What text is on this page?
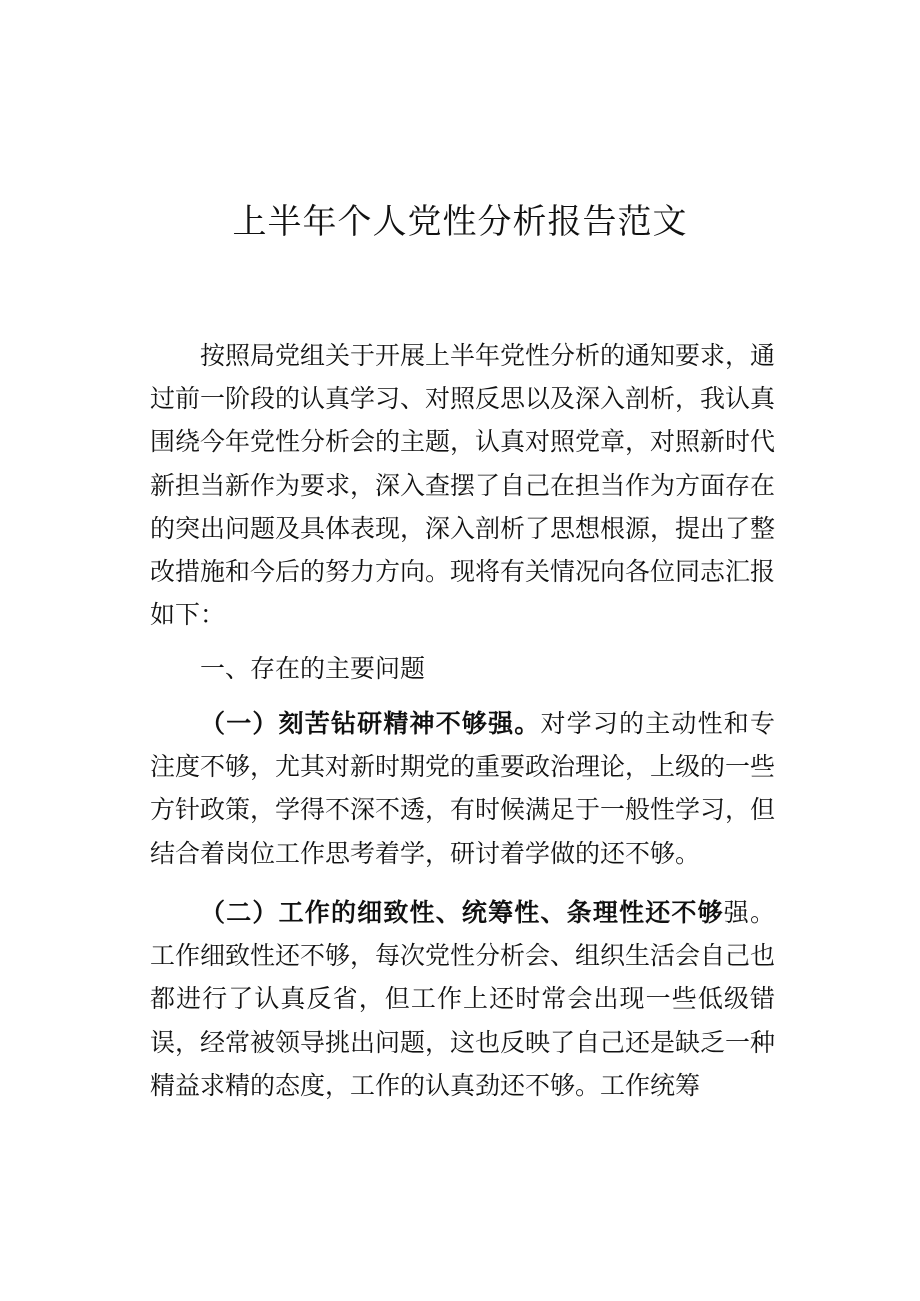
上半年个人党性分析报告范文

按照局党组关于开展上半年党性分析的通知要求，通过前一阶段的认真学习、对照反思以及深入剖析，我认真围绕今年党性分析会的主题，认真对照党章，对照新时代新担当新作为要求，深入查摆了自己在担当作为方面存在的突出问题及具体表现，深入剖析了思想根源，提出了整改措施和今后的努力方向。现将有关情况向各位同志汇报如下：

一、存在的主要问题

（一）刻苦钻研精神不够强。对学习的主动性和专注度不够，尤其对新时期党的重要政治理论，上级的一些方针政策，学得不深不透，有时候满足于一般性学习，但结合着岗位工作思考着学，研讨着学做的还不够。

（二）工作的细致性、统筹性、条理性还不够强。工作细致性还不够，每次党性分析会、组织生活会自己也都进行了认真反省，但工作上还时常会出现一些低级错误，经常被领导挑出问题，这也反映了自己还是缺乏一种精益求精的态度，工作的认真劲还不够。工作统筹
